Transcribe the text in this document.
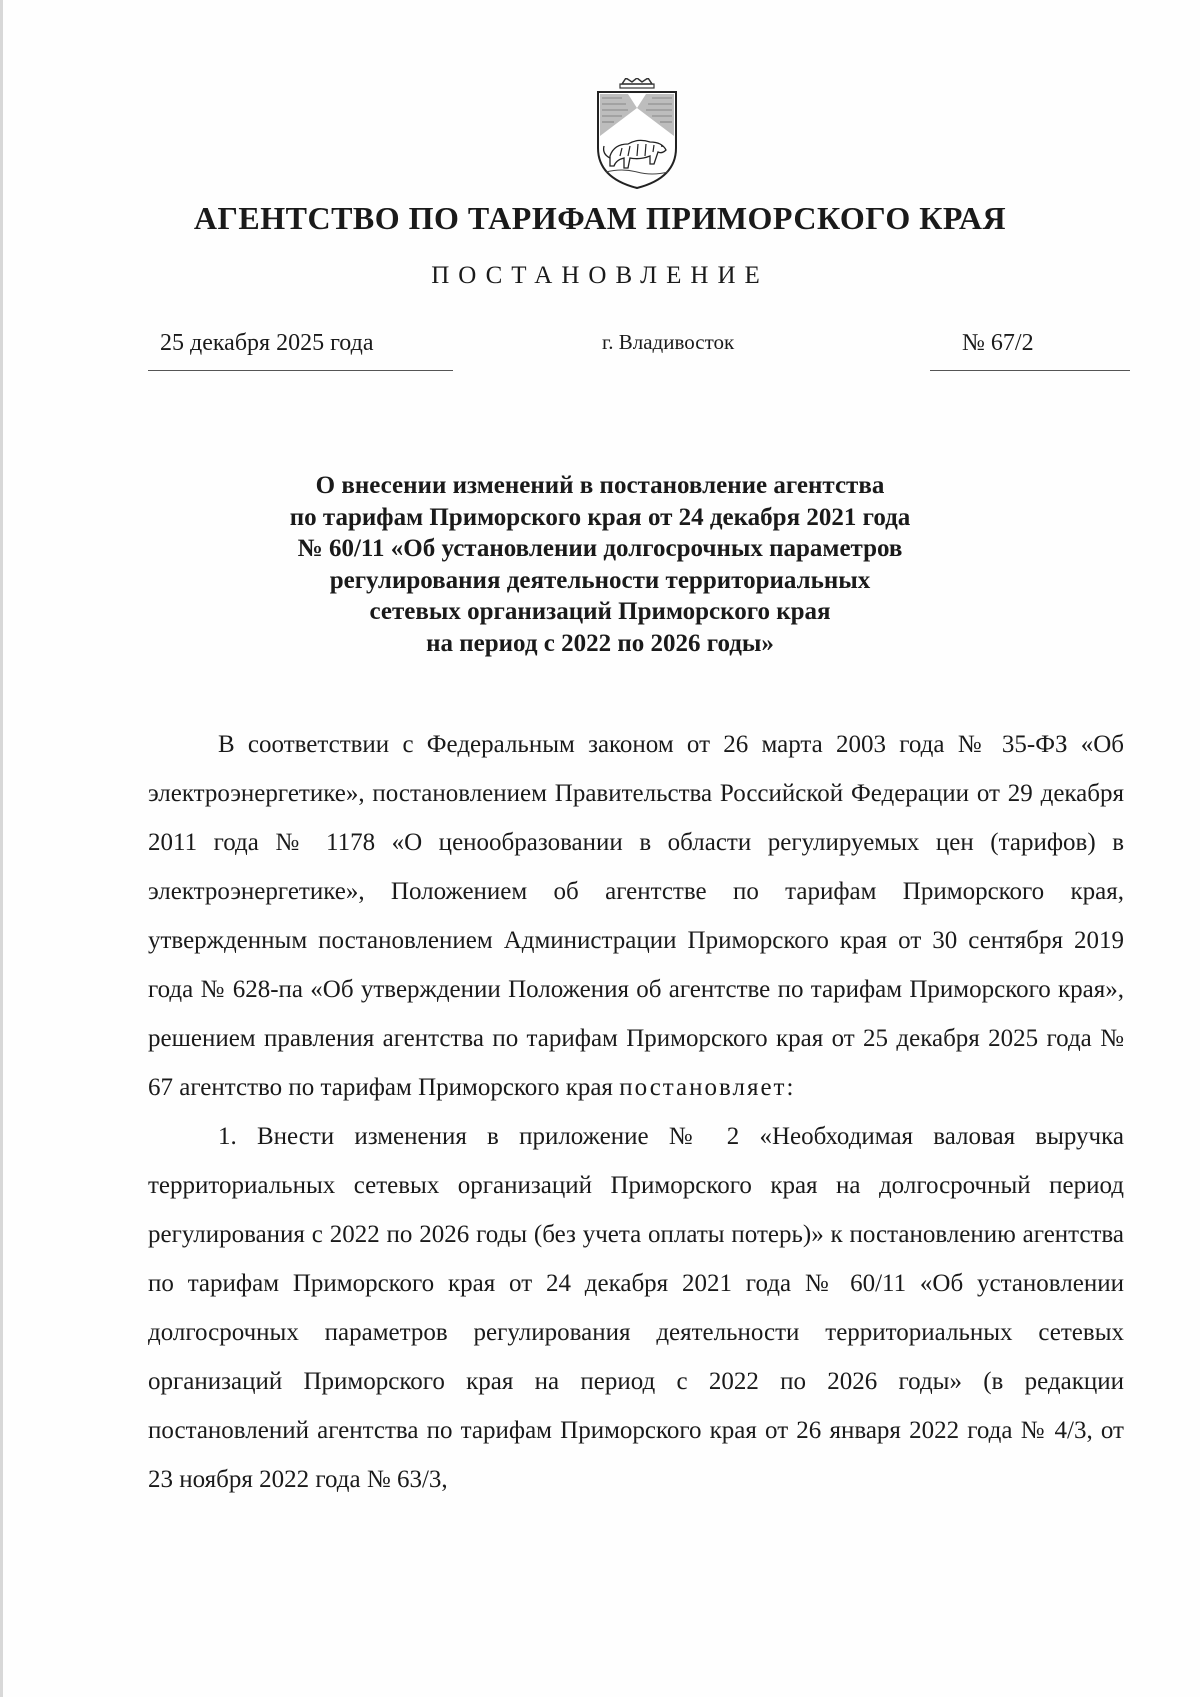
АГЕНТСТВО ПО ТАРИФАМ ПРИМОРСКОГО КРАЯ
ПОСТАНОВЛЕНИЕ
25 декабря 2025 года	г. Владивосток	№ 67/2
О внесении изменений в постановление агентства
по тарифам Приморского края от 24 декабря 2021 года
№ 60/11 «Об установлении долгосрочных параметров
регулирования деятельности территориальных
сетевых организаций Приморского края
на период с 2022 по 2026 годы»

В соответствии с Федеральным законом от 26 марта 2003 года № 35-ФЗ «Об электроэнергетике», постановлением Правительства Российской Федерации от 29 декабря 2011 года № 1178 «О ценообразовании в области регулируемых цен (тарифов) в электроэнергетике», Положением об агентстве по тарифам Приморского края, утвержденным постановлением Администрации Приморского края от 30 сентября 2019 года № 628-па «Об утверждении Положения об агентстве по тарифам Приморского края», решением правления агентства по тарифам Приморского края от 25 декабря 2025 года № 67 агентство по тарифам Приморского края постановляет:

1. Внести изменения в приложение № 2 «Необходимая валовая выручка территориальных сетевых организаций Приморского края на долгосрочный период регулирования с 2022 по 2026 годы (без учета оплаты потерь)» к постановлению агентства по тарифам Приморского края от 24 декабря 2021 года № 60/11 «Об установлении долгосрочных параметров регулирования деятельности территориальных сетевых организаций Приморского края на период с 2022 по 2026 годы» (в редакции постановлений агентства по тарифам Приморского края от 26 января 2022 года № 4/3, от 23 ноября 2022 года № 63/3,
